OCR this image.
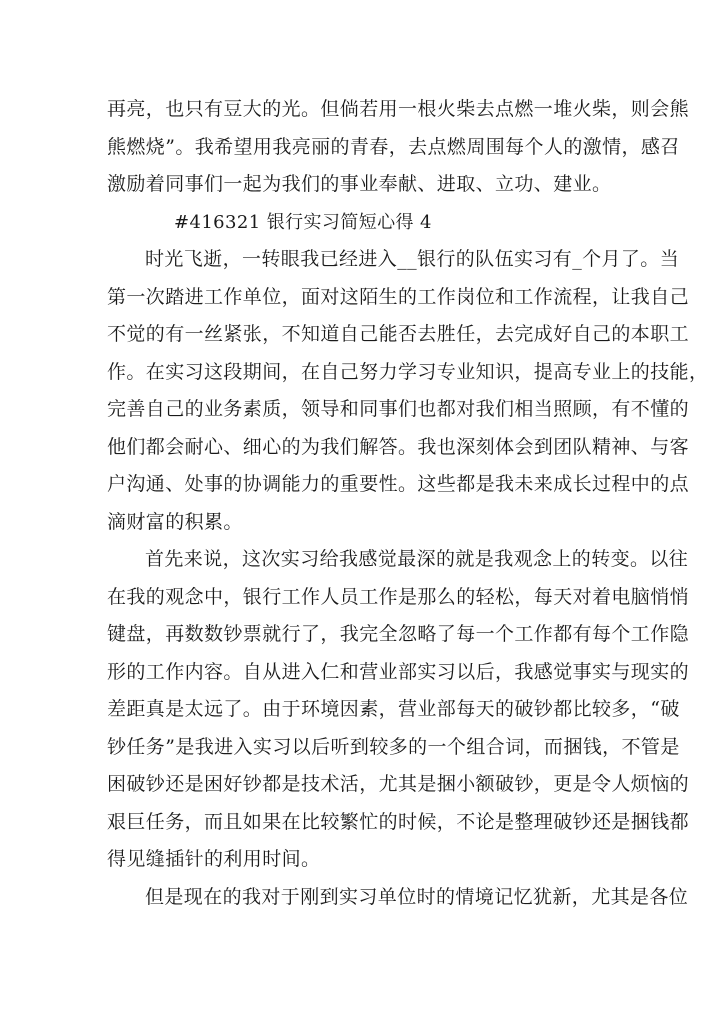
再亮，也只有豆大的光。但倘若用一根火柴去点燃一堆火柴，则会熊
熊燃烧”。我希望用我亮丽的青春，去点燃周围每个人的激情，感召
激励着同事们一起为我们的事业奉献、进取、立功、建业。
#416321 银行实习简短心得 4
时光飞逝，一转眼我已经进入__银行的队伍实习有_个月了。当
第一次踏进工作单位，面对这陌生的工作岗位和工作流程，让我自己
不觉的有一丝紧张，不知道自己能否去胜任，去完成好自己的本职工
作。在实习这段期间，在自己努力学习专业知识，提高专业上的技能，
完善自己的业务素质，领导和同事们也都对我们相当照顾，有不懂的
他们都会耐心、细心的为我们解答。我也深刻体会到团队精神、与客
户沟通、处事的协调能力的重要性。这些都是我未来成长过程中的点
滴财富的积累。
首先来说，这次实习给我感觉最深的就是我观念上的转变。以往
在我的观念中，银行工作人员工作是那么的轻松，每天对着电脑悄悄
键盘，再数数钞票就行了，我完全忽略了每一个工作都有每个工作隐
形的工作内容。自从进入仁和营业部实习以后，我感觉事实与现实的
差距真是太远了。由于环境因素，营业部每天的破钞都比较多，“破
钞任务”是我进入实习以后听到较多的一个组合词，而捆钱，不管是
困破钞还是困好钞都是技术活，尤其是捆小额破钞，更是令人烦恼的
艰巨任务，而且如果在比较繁忙的时候，不论是整理破钞还是捆钱都
得见缝插针的利用时间。
但是现在的我对于刚到实习单位时的情境记忆犹新，尤其是各位
